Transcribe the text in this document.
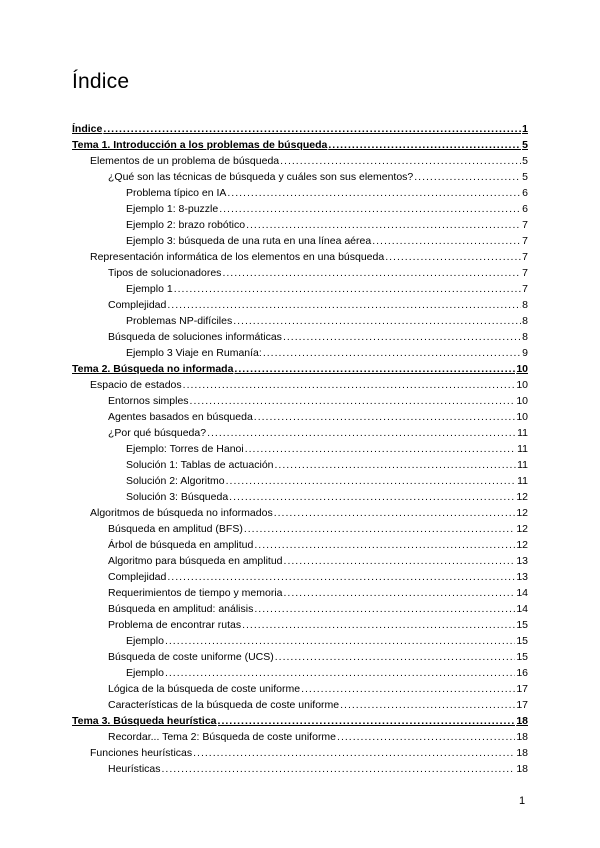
Índice
Índice .....	1
Tema 1. Introducción a los problemas de búsqueda .....	5
Elementos de un problema de búsqueda .....	5
¿Qué son las técnicas de búsqueda y cuáles son sus elementos? .....	5
Problema típico en IA .....	6
Ejemplo 1: 8-puzzle .....	6
Ejemplo 2: brazo robótico .....	7
Ejemplo 3: búsqueda de una ruta en una línea aérea .....	7
Representación informática de los elementos en una búsqueda .....	7
Tipos de solucionadores .....	7
Ejemplo 1 .....	7
Complejidad .....	8
Problemas NP-difíciles .....	8
Búsqueda de soluciones informáticas .....	8
Ejemplo 3 Viaje en Rumanía: .....	9
Tema 2. Búsqueda no informada .....	10
Espacio de estados .....	10
Entornos simples .....	10
Agentes basados en búsqueda .....	10
¿Por qué búsqueda? .....	11
Ejemplo: Torres de Hanoi .....	11
Solución 1: Tablas de actuación .....	11
Solución 2: Algoritmo .....	11
Solución 3: Búsqueda .....	12
Algoritmos de búsqueda no informados .....	12
Búsqueda en amplitud (BFS) .....	12
Árbol de búsqueda en amplitud .....	12
Algoritmo para búsqueda en amplitud .....	13
Complejidad .....	13
Requerimientos de tiempo y memoria .....	14
Búsqueda en amplitud: análisis .....	14
Problema de encontrar rutas .....	15
Ejemplo .....	15
Búsqueda de coste uniforme (UCS) .....	15
Ejemplo .....	16
Lógica de la búsqueda de coste uniforme .....	17
Características de la búsqueda de coste uniforme .....	17
Tema 3. Búsqueda heurística .....	18
Recordar... Tema 2: Búsqueda de coste uniforme .....	18
Funciones heurísticas .....	18
Heurísticas .....	18
1
